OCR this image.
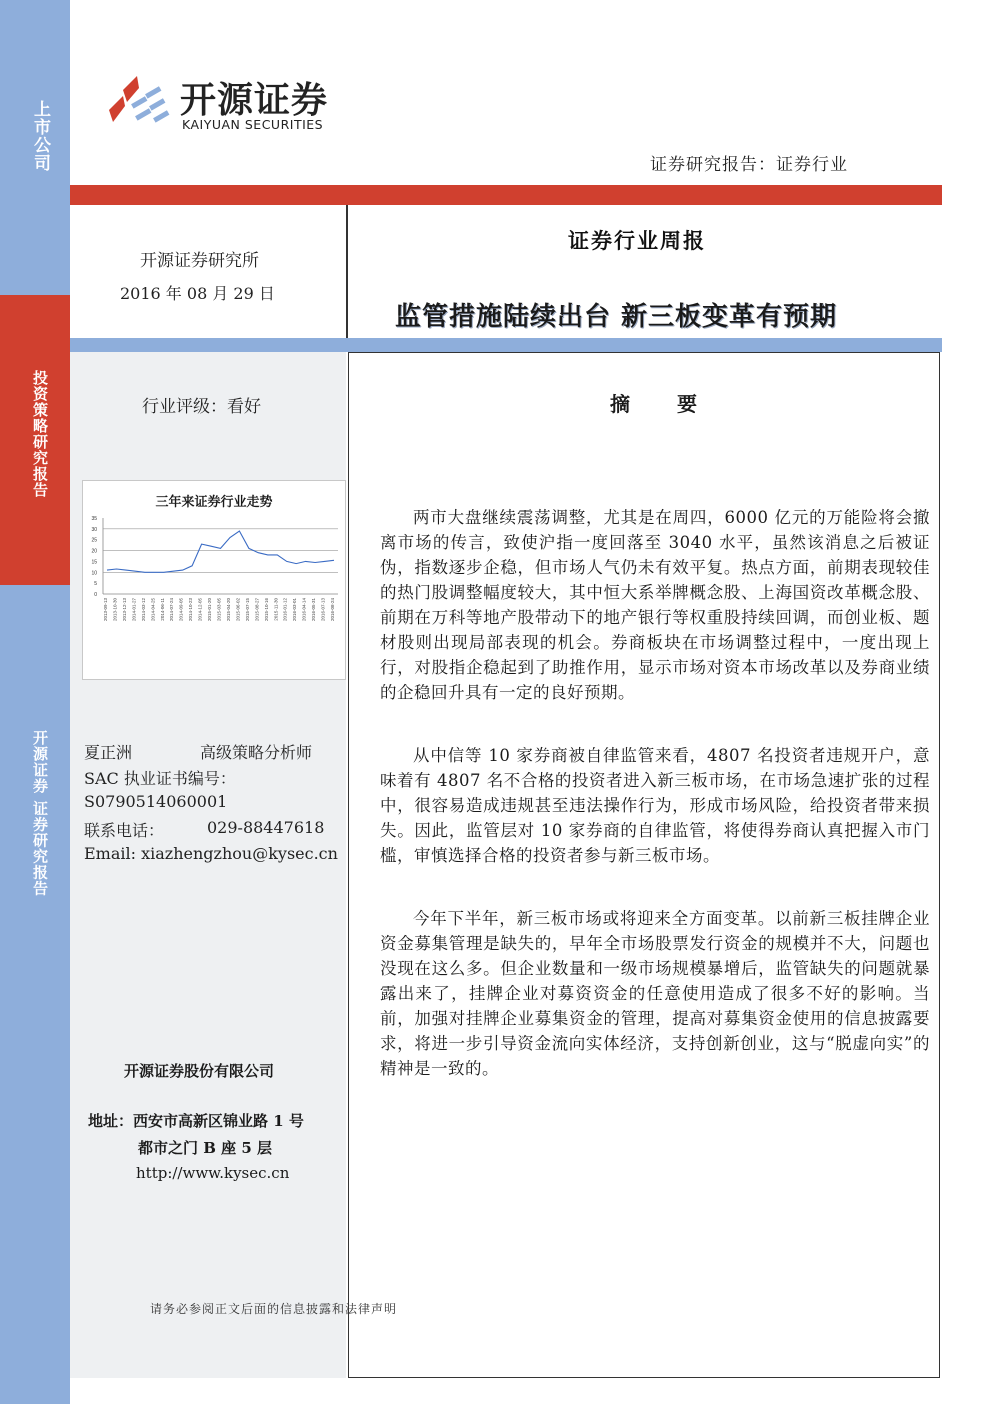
上市公司
投资策略研究报告
开源证券 证券研究报告
开源证券
KAIYUAN SECURITIES
证券研究报告：证券行业
开源证券研究所
2016 年 08 月 29 日
证券行业周报
监管措施陆续出台 新三板变革有预期
行业评级：看好
三年来证券行业走势
35
30
25
20
15
10
5
0
2013-09-13 2013-10-30 2013-12-13 2014-01-27 2014-03-12 2014-04-25 2014-06-11 2014-07-24 2014-09-05 2014-10-23 2014-12-05 2015-01-20 2015-03-05 2015-04-20 2015-06-02 2015-07-15 2015-08-27 2015-10-16 2015-11-30 2016-01-12 2016-03-01 2016-04-14 2016-05-31 2016-07-13 2016-08-24
夏正洲	高级策略分析师
SAC 执业证书编号：
S0790514060001
联系电话：	029-88447618
Email: xiazhengzhou@kysec.cn
开源证券股份有限公司
地址：西安市高新区锦业路 1 号
都市之门 B 座 5 层
http://www.kysec.cn
摘 要

两市大盘继续震荡调整，尤其是在周四，6000 亿元的万能险将会撤离市场的传言，致使沪指一度回落至 3040 水平，虽然该消息之后被证伪，指数逐步企稳，但市场人气仍未有效平复。热点方面，前期表现较佳的热门股调整幅度较大，其中恒大系举牌概念股、上海国资改革概念股、前期在万科等地产股带动下的地产银行等权重股持续回调，而创业板、题材股则出现局部表现的机会。券商板块在市场调整过程中，一度出现上行，对股指企稳起到了助推作用，显示市场对资本市场改革以及券商业绩的企稳回升具有一定的良好预期。

从中信等 10 家券商被自律监管来看，4807 名投资者违规开户，意味着有 4807 名不合格的投资者进入新三板市场，在市场急速扩张的过程中，很容易造成违规甚至违法操作行为，形成市场风险，给投资者带来损失。因此，监管层对 10 家券商的自律监管，将使得券商认真把握入市门槛，审慎选择合格的投资者参与新三板市场。

今年下半年，新三板市场或将迎来全方面变革。以前新三板挂牌企业资金募集管理是缺失的，早年全市场股票发行资金的规模并不大，问题也没现在这么多。但企业数量和一级市场规模暴增后，监管缺失的问题就暴露出来了，挂牌企业对募资资金的任意使用造成了很多不好的影响。当前，加强对挂牌企业募集资金的管理，提高对募集资金使用的信息披露要求，将进一步引导资金流向实体经济，支持创新创业，这与“脱虚向实”的精神是一致的。

请务必参阅正文后面的信息披露和法律声明
